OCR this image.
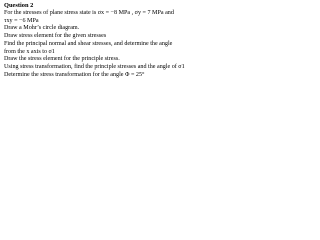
Question 2
For the stresses of plane stress state is σx = −8 MPa , σy = 7 MPa and
τxy = −6 MPa
Draw a Mohr’s circle diagram.
Draw stress element for the given stresses
Find the principal normal and shear stresses, and determine the angle
from the x axis to σ1
Draw the stress element for the principle stress.
Using stress transformation, find the principle stresses and the angle of σ1
Determine the stress transformation for the angle Φ = 25°
